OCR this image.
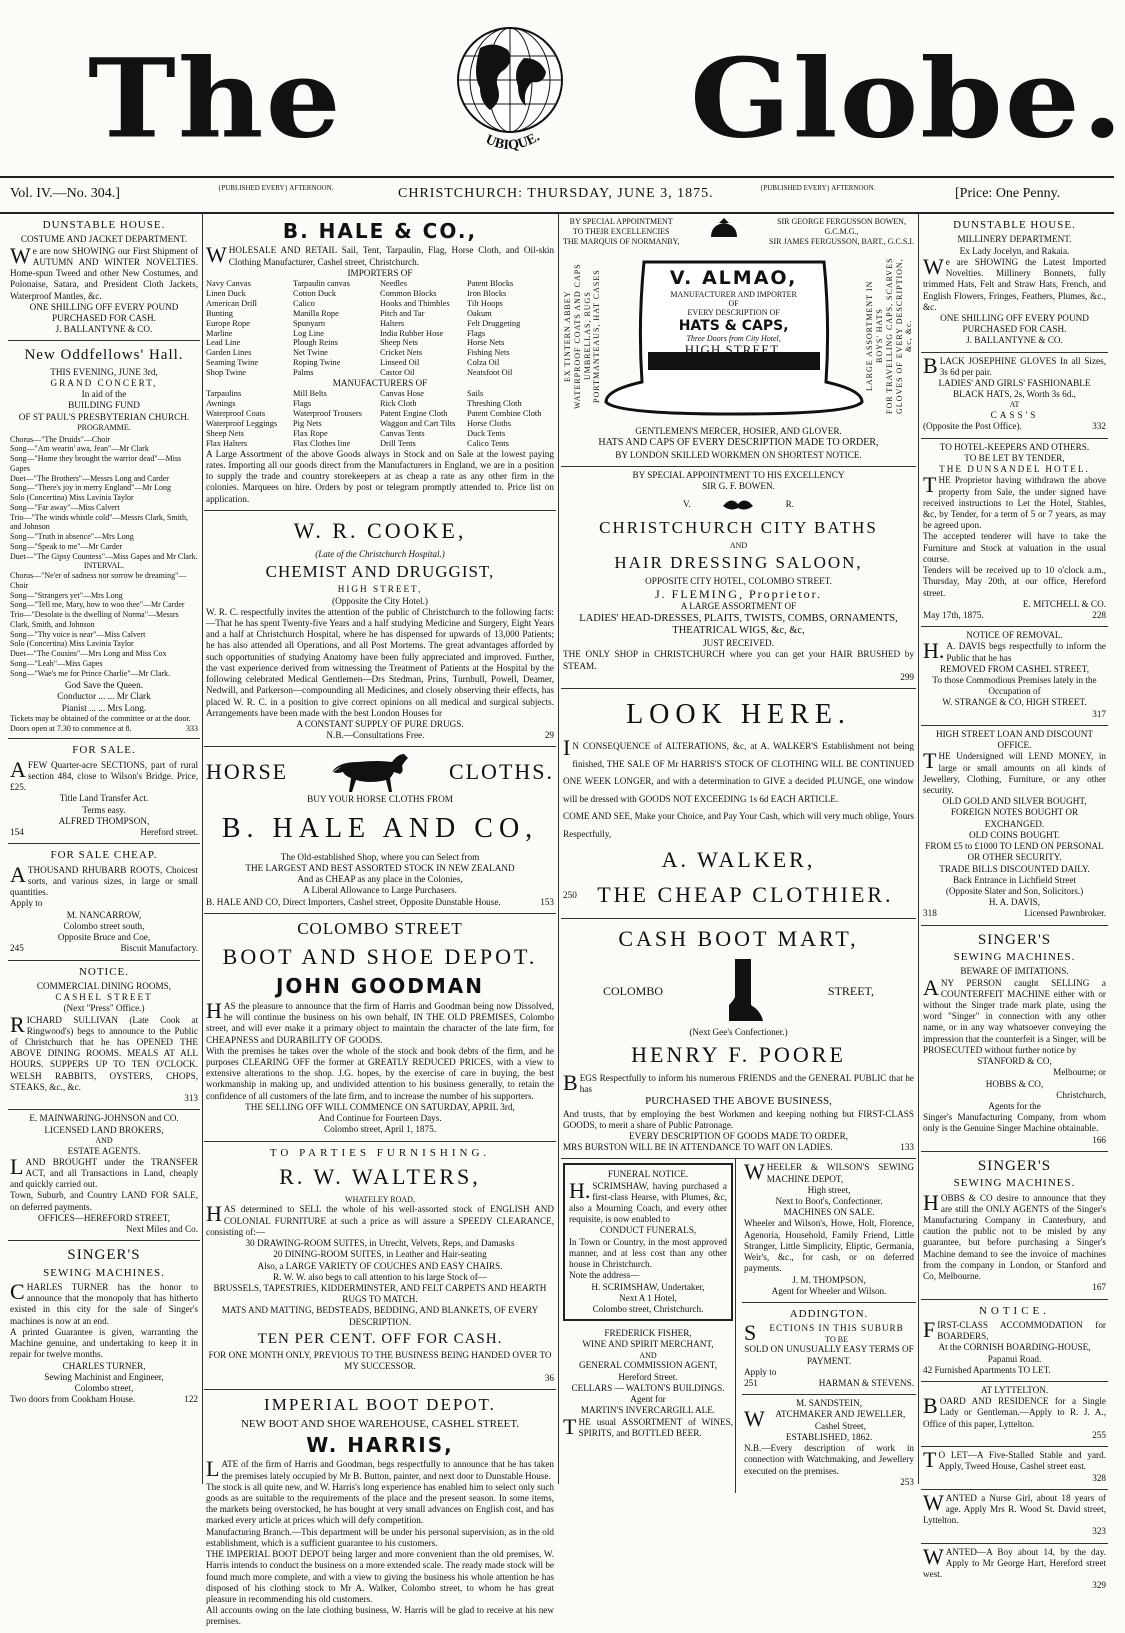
The	UBIQUE. Globe.
Vol. IV.—No. 304.]	{PUBLISHED EVERY} AFTERNOON.	CHRISTCHURCH: THURSDAY, JUNE 3, 1875.	{PUBLISHED EVERY} AFTERNOON.	[Price: One Penny.
DUNSTABLE HOUSE.
COSTUME AND JACKET DEPARTMENT.
We are now SHOWING our First Shipment of AUTUMN AND WINTER NOVELTIES. Home-spun Tweed and other New Costumes, and Polonaise, Satara, and President Cloth Jackets, Waterproof Mantles, &c.
ONE SHILLING OFF EVERY POUND
PURCHASED FOR CASH.
J. BALLANTYNE & CO.
New Oddfellows' Hall.
THIS EVENING, JUNE 3rd,
GRAND CONCERT,
In aid of the
BUILDING FUND
OF ST PAUL'S PRESBYTERIAN CHURCH.
PROGRAMME.
Chorus—"The Druids"—Choir
Song—"Am wearin' awa, Jean"—Mr Clark
Song—"Home they brought the warrior dead"—Miss Gapes
Duet—"The Brothers"—Messrs Long and Carder
Song—"There's joy in merry England"—Mr Long
Solo (Concertina) Miss Lavinia Taylor
Song—"Far away"—Miss Calvert
Trio—"The winds whistle cold"—Messrs Clark, Smith, and Johnson
Song—"Truth in absence"—Mrs Long
Song—"Speak to me"—Mr Carder
Duet—"The Gipsy Countess"—Miss Gapes and Mr Clark.
INTERVAL.
Chorus—"Ne'er of sadness nor sorrow be dreaming"—Choir
Song—"Strangers yet"—Mrs Long
Song—"Tell me, Mary, how to woo thee"—Mr Carder
Trio—"Desolate is the dwelling of Norma"—Messrs Clark, Smith, and Johnson
Song—"Thy voice is near"—Miss Calvert
Solo (Concertina) Miss Lavinia Taylor
Duet—"The Cousins"—Mrs Long and Miss Cox
Song—"Leah"—Miss Gapes
Song—"Wae's me for Prince Charlie"—Mr Clark.
God Save the Queen.
Conductor ... ... Mr Clark
Pianist ... ... Mrs Long.
Tickets may be obtained of the committee or at the door.
Doors open at 7.30 to commence at 8.	333
FOR SALE.
AFEW Quarter-acre SECTIONS, part of rural section 484, close to Wilson's Bridge. Price, £25.
Title Land Transfer Act.
Terms easy.
ALFRED THOMPSON,
154	Hereford street.
FOR SALE CHEAP.
ATHOUSAND RHUBARB ROOTS, Choicest sorts, and various sizes, in large or small quantities.
Apply to
M. NANCARROW,
Colombo street south,
Opposite Bruce and Coe,
245	Biscuit Manufactory.
NOTICE.
COMMERCIAL DINING ROOMS,
CASHEL STREET
(Next "Press" Office.)
RICHARD SULLIVAN (Late Cook at Ringwood's) begs to announce to the Public of Christchurch that he has OPENED THE ABOVE DINING ROOMS. MEALS AT ALL HOURS. SUPPERS UP TO TEN O'CLOCK. WELSH RABBITS, OYSTERS, CHOPS, STEAKS, &c., &c.
313
E. MAINWARING-JOHNSON and CO.
LICENSED LAND BROKERS,
AND
ESTATE AGENTS.
LAND BROUGHT under the TRANSFER ACT, and all Transactions in Land, cheaply and quickly carried out.
Town, Suburb, and Country LAND FOR SALE, on deferred payments.
OFFICES—HEREFORD STREET,
Next Miles and Co.
SINGER'S
SEWING MACHINES.
CHARLES TURNER has the honor to announce that the monopoly that has hitherto existed in this city for the sale of Singer's machines is now at an end.
A printed Guarantee is given, warranting the Machine genuine, and undertaking to keep it in repair for twelve months.
CHARLES TURNER,
Sewing Machinist and Engineer,
Colombo street,
Two doors from Cookham House.	122
B. HALE & CO.,
WHOLESALE AND RETAIL Sail, Tent, Tarpaulin, Flag, Horse Cloth, and Oil-skin Clothing Manufacturer, Cashel street, Christchurch.
IMPORTERS OF
Navy Canvas	Tarpaulin canvas	Needles	Patent Blocks
Linen Duck	Cotton Duck	Common Blocks	Iron Blocks
American Drill	Calico	Hooks and Thimbles	Tilt Hoops
Bunting	Manilla Rope	Pitch and Tar	Oakum
Europe Rope	Spunyarn	Halters	Felt Druggeting
Marline	Log Line	India Rubber Hose	Flags
Lead Line	Plough Reins	Sheep Nets	Horse Nets
Garden Lines	Net Twine	Cricket Nets	Fishing Nets
Seaming Twine	Roping Twine	Linseed Oil	Colza Oil
Shop Twine	Palms	Castor Oil	Neatsfoot Oil
MANUFACTURERS OF
Tarpaulins	Mill Belts	Canvas Hose	Sails
Awnings	Flags	Rick Cloth	Threshing Cloth
Waterproof Coats	Waterproof Trousers	Patent Engine Cloth	Patent Combine Cloth
Waterproof Leggings	Pig Nets	Waggon and Cart Tilts	Horse Cloths
Sheep Nets	Flax Rope	Canvas Tents	Duck Tents
Flax Halters	Flax Clothes line	Drill Tents	Calico Tents
A Large Assortment of the above Goods always in Stock and on Sale at the lowest paying rates. Importing all our goods direct from the Manufacturers in England, we are in a position to supply the trade and country storekeepers at as cheap a rate as any other firm in the colonies. Marquees on hire. Orders by post or telegram promptly attended to. Price list on application.
W. R. COOKE,
(Late of the Christchurch Hospital.)
CHEMIST AND DRUGGIST,
HIGH STREET,
(Opposite the City Hotel.)
W. R. C. respectfully invites the attention of the public of Christchurch to the following facts:—That he has spent Twenty-five Years and a half studying Medicine and Surgery, Eight Years and a half at Christchurch Hospital, where he has dispensed for upwards of 13,000 Patients; he has also attended all Operations, and all Post Mortems. The great advantages afforded by such opportunities of studying Anatomy have been fully appreciated and improved. Further, the vast experience derived from witnessing the Treatment of Patients at the Hospital by the following celebrated Medical Gentlemen—Drs Stedman, Prins, Turnbull, Powell, Deamer, Nedwill, and Parkerson—compounding all Medicines, and closely observing their effects, has placed W. R. C. in a position to give correct opinions on all medical and surgical subjects. Arrangements have been made with the best London Houses for
A CONSTANT SUPPLY OF PURE DRUGS.
N.B.—Consultations Free.	29
HORSE	CLOTHS.
BUY YOUR HORSE CLOTHS FROM
B. HALE AND CO,
The Old-established Shop, where you can Select from
THE LARGEST AND BEST ASSORTED STOCK IN NEW ZEALAND
And as CHEAP as any place in the Colonies,
A Liberal Allowance to Large Purchasers.
B. HALE AND CO, Direct Importers, Cashel street, Opposite Dunstable House.	153
COLOMBO STREET
BOOT AND SHOE DEPOT.
JOHN GOODMAN
HAS the pleasure to announce that the firm of Harris and Goodman being now Dissolved, he will continue the business on his own behalf, IN THE OLD PREMISES, Colombo street, and will ever make it a primary object to maintain the character of the late firm, for CHEAPNESS and DURABILITY OF GOODS.
With the premises he takes over the whole of the stock and book debts of the firm, and he purposes CLEARING OFF the former at GREATLY REDUCED PRICES, with a view to extensive alterations to the shop. J.G. hopes, by the exercise of care in buying, the best workmanship in making up, and undivided attention to his business generally, to retain the confidence of all customers of the late firm, and to increase the number of his supporters.
THE SELLING OFF WILL COMMENCE ON SATURDAY, APRIL 3rd,
And Continue for Fourteen Days.
Colombo street, April 1, 1875.
TO PARTIES FURNISHING.
R. W. WALTERS,
WHATELEY ROAD,
HAS determined to SELL the whole of his well-assorted stock of ENGLISH AND COLONIAL FURNITURE at such a price as will assure a SPEEDY CLEARANCE, consisting of:—
30 DRAWING-ROOM SUITES, in Utrecht, Velvets, Reps, and Damasks
20 DINING-ROOM SUITES, in Leather and Hair-seating
Also, a LARGE VARIETY OF COUCHES AND EASY CHAIRS.
R. W. W. also begs to call attention to his large Stock of—
BRUSSELS, TAPESTRIES, KIDDERMINSTER, AND FELT CARPETS AND HEARTH RUGS TO MATCH.
MATS AND MATTING, BEDSTEADS, BEDDING, AND BLANKETS, OF EVERY DESCRIPTION.
TEN PER CENT. OFF FOR CASH.
FOR ONE MONTH ONLY, PREVIOUS TO THE BUSINESS BEING HANDED OVER TO MY SUCCESSOR.
36
IMPERIAL BOOT DEPOT.
NEW BOOT AND SHOE WAREHOUSE, CASHEL STREET.
W. HARRIS,
LATE of the firm of Harris and Goodman, begs respectfully to announce that he has taken the premises lately occupied by Mr B. Button, painter, and next door to Dunstable House.
The stock is all quite new, and W. Harris's long experience has enabled him to select only such goods as are suitable to the requirements of the place and the present season. In some items, the markets being overstocked, he has bought at very small advances on English cost, and has marked every article at prices which will defy competition.
Manufacturing Branch.—This department will be under his personal supervision, as in the old establishment, which is a sufficient guarantee to his customers.
THE IMPERIAL BOOT DEPOT being larger and more convenient than the old premises, W. Harris intends to conduct the business on a more extended scale. The ready made stock will be found much more complete, and with a view to giving the business his whole attention he has disposed of his clothing stock to Mr A. Walker, Colombo street, to whom he has great pleasure in recommending his old customers.
All accounts owing on the late clothing business, W. Harris will be glad to receive at his new premises.
BY SPECIAL APPOINTMENT
TO THEIR EXCELLENCIES
THE MARQUIS OF NORMANBY,
SIR GEORGE FERGUSSON BOWEN,
G.C.M.G.,
SIR JAMES FERGUSSON, BART., G.C.S.I.
EX TINTERN ABBEY WATERPROOF COATS AND CAPS UMBRELLAS, RUGS PORTMANTEAUS, HAT CASES	V. ALMAO,
MANUFACTURER AND IMPORTER
OF
EVERY DESCRIPTION OF
HATS & CAPS,
Three Doors from City Hotel,
HIGH STREET,
CHRISTCHURCH.
A Large and Choice Stock of Goods always on hand.	LARGE ASSORTMENT IN BOYS' HATS FOR TRAVELLING CAPS, SCARVES GLOVES OF EVERY DESCRIPTION, &c, &c.
GENTLEMEN'S MERCER, HOSIER, AND GLOVER.
HATS AND CAPS OF EVERY DESCRIPTION MADE TO ORDER,
BY LONDON SKILLED WORKMEN ON SHORTEST NOTICE.
BY SPECIAL APPOINTMENT TO HIS EXCELLENCY
SIR G. F. BOWEN.
V.	R.
CHRISTCHURCH CITY BATHS
AND
HAIR DRESSING SALOON,
OPPOSITE CITY HOTEL, COLOMBO STREET.
J. FLEMING, Proprietor.
A LARGE ASSORTMENT OF
LADIES' HEAD-DRESSES, PLAITS, TWISTS, COMBS, ORNAMENTS, THEATRICAL WIGS, &c, &c,
JUST RECEIVED.
THE ONLY SHOP in CHRISTCHURCH where you can get your HAIR BRUSHED by STEAM.
299
LOOK HERE.
IN CONSEQUENCE of ALTERATIONS, &c, at A. WALKER'S Establishment not being finished, THE SALE OF Mr HARRIS'S STOCK OF CLOTHING WILL BE CONTINUED ONE WEEK LONGER, and with a determination to GIVE a decided PLUNGE, one window will be dressed with GOODS NOT EXCEEDING 1s 6d EACH ARTICLE.
COME AND SEE, Make your Choice, and Pay Your Cash, which will very much oblige, Yours Respectfully,
A. WALKER,
250 THE CHEAP CLOTHIER.
CASH BOOT MART,
COLOMBO	STREET,
(Next Gee's Confectioner.)
HENRY F. POORE
BEGS Respectfully to inform his numerous FRIENDS and the GENERAL PUBLIC that he has
PURCHASED THE ABOVE BUSINESS,
And trusts, that by employing the best Workmen and keeping nothing but FIRST-CLASS GOODS, to merit a share of Public Patronage.
EVERY DESCRIPTION OF GOODS MADE TO ORDER,
MRS BURSTON WILL BE IN ATTENDANCE TO WAIT ON LADIES.	133
FUNERAL NOTICE.
H.SCRIMSHAW, having purchased a first-class Hearse, with Plumes, &c, also a Mourning Coach, and every other requisite, is now enabled to
CONDUCT FUNERALS,
In Town or Country, in the most approved manner, and at less cost than any other house in Christchurch.
Note the address—
H. SCRIMSHAW, Undertaker,
Next A 1 Hotel,
Colombo street, Christchurch.
FREDERICK FISHER,
WINE AND SPIRIT MERCHANT,
AND
GENERAL COMMISSION AGENT,
Hereford Street.
CELLARS — WALTON'S BUILDINGS.
Agent for
MARTIN'S INVERCARGILL ALE.
THE usual ASSORTMENT of WINES, SPIRITS, and BOTTLED BEER.
WHEELER & WILSON'S SEWING MACHINE DEPOT,
High street,
Next to Boot's, Confectioner.
MACHINES ON SALE.
Wheeler and Wilson's, Howe, Holt, Florence, Agenoria, Household, Family Friend, Little Stranger, Little Simplicity, Eliptic, Germania, Weir's, &c., for cash, or on deferred payments.
J. M. THOMPSON,
Agent for Wheeler and Wilson.
ADDINGTON.
SECTIONS IN THIS SUBURB
TO BE
SOLD ON UNUSUALLY EASY TERMS OF PAYMENT.
Apply to
251	HARMAN & STEVENS.
M. SANDSTEIN,
WATCHMAKER AND JEWELLER,
Cashel Street,
ESTABLISHED, 1862.
N.B.—Every description of work in connection with Watchmaking, and Jewellery executed on the premises.
253
DUNSTABLE HOUSE.
MILLINERY DEPARTMENT.
Ex Lady Jocelyn, and Rakaia.
We are SHOWING the Latest Imported Novelties. Millinery Bonnets, fully trimmed Hats, Felt and Straw Hats, French, and English Flowers, Fringes, Feathers, Plumes, &c., &c.
ONE SHILLING OFF EVERY POUND PURCHASED FOR CASH.
J. BALLANTYNE & CO.
BLACK JOSEPHINE GLOVES In all Sizes, 3s 6d per pair.
LADIES' AND GIRLS' FASHIONABLE
BLACK HATS, 2s, Worth 3s 6d.,
AT
CASS'S
(Opposite the Post Office).	332
TO HOTEL-KEEPERS AND OTHERS.
TO BE LET BY TENDER,
THE DUNSANDEL HOTEL.
THE Proprietor having withdrawn the above property from Sale, the under signed have received instructions to Let the Hotel, Stables, &c, by Tender, for a term of 5 or 7 years, as may be agreed upon.
The accepted tenderer will have to take the Furniture and Stock at valuation in the usual course.
Tenders will be received up to 10 o'clock a.m., Thursday, May 20th, at our office, Hereford street.
E. MITCHELL & CO.
May 17th, 1875.	228
NOTICE OF REMOVAL.
H.A. DAVIS begs respectfully to inform the Public that he has
REMOVED FROM CASHEL STREET,
To those Commodious Premises lately in the Occupation of
W. STRANGE & CO, HIGH STREET.
317
HIGH STREET LOAN AND DISCOUNT OFFICE.
THE Undersigned will LEND MONEY, in large or small amounts on all kinds of Jewellery, Clothing, Furniture, or any other security.
OLD GOLD AND SILVER BOUGHT,
FOREIGN NOTES BOUGHT OR EXCHANGED.
OLD COINS BOUGHT.
FROM £5 to £1000 TO LEND ON PERSONAL OR OTHER SECURITY.
TRADE BILLS DISCOUNTED DAILY.
Back Entrance in Lichfield Street
(Opposite Slater and Son, Solicitors.)
H. A. DAVIS,
318	Licensed Pawnbroker.
SINGER'S
SEWING MACHINES.
BEWARE OF IMITATIONS.
ANY PERSON caught SELLING a COUNTERFEIT MACHINE either with or without the Singer trade mark plate, using the word "Singer" in connection with any other name, or in any way whatsoever conveying the impression that the counterfeit is a Singer, will be PROSECUTED without further notice by
STANFORD & CO,
Melbourne; or
HOBBS & CO,
Christchurch,
Agents for the
Singer's Manufacturing Company, from whom only is the Genuine Singer Machine obtainable.
166
SINGER'S
SEWING MACHINES.
HOBBS & CO desire to announce that they are still the ONLY AGENTS of the Singer's Manufacturing Company in Canterbury, and caution the public not to be misled by any guarantee, but before purchasing a Singer's Machine demand to see the invoice of machines from the company in London, or Stanford and Co, Melbourne.
167
NOTICE.
FIRST-CLASS ACCOMMODATION for BOARDERS,
At the CORNISH BOARDING-HOUSE,
Papanui Road.
42 Furnished Apartments TO LET.
AT LYTTELTON.
BOARD AND RESIDENCE for a Single Lady or Gentleman.—Apply to R. J. A., Office of this paper, Lyttelton.
255
TO LET—A Five-Stalled Stable and yard. Apply, Tweed House, Cashel street east.
328
WANTED a Nurse Girl, about 18 years of age. Apply Mrs R. Wood St. David street, Lyttelton.
323
WANTED—A Boy about 14, by the day. Apply to Mr George Hart, Hereford street west.
329
